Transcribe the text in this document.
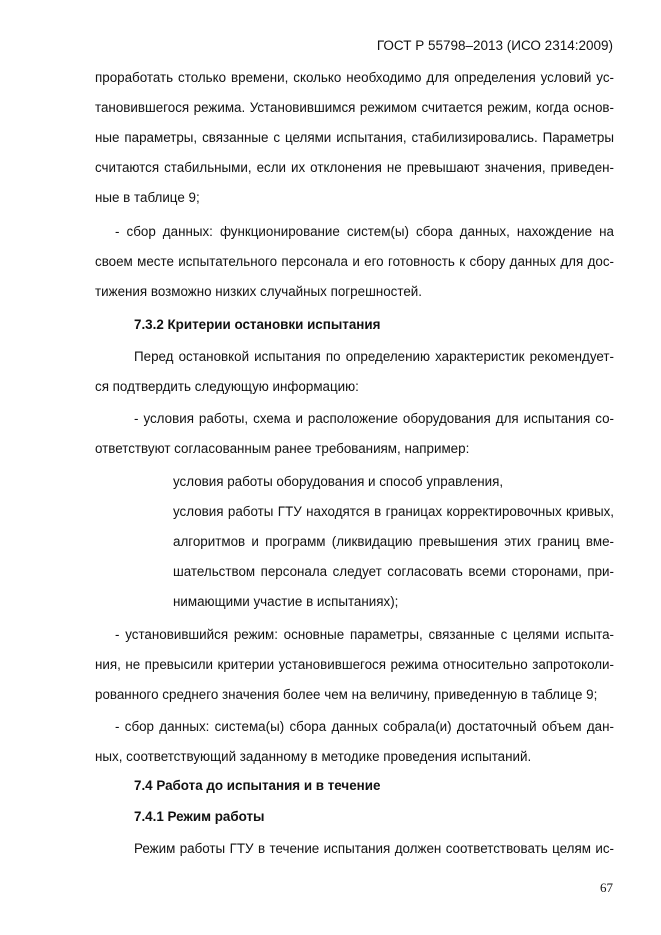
ГОСТ Р 55798–2013 (ИСО 2314:2009)
проработать столько времени, сколько необходимо для определения условий ус-
тановившегося режима. Установившимся режимом считается режим, когда основ-
ные параметры, связанные с целями испытания, стабилизировались. Параметры
считаются стабильными, если их отклонения не превышают значения, приведен-
ные в таблице 9;
- сбор данных: функционирование систем(ы) сбора данных, нахождение на
своем месте испытательного персонала и его готовность к сбору данных для дос-
тижения возможно низких случайных погрешностей.
7.3.2 Критерии остановки испытания
Перед остановкой испытания по определению характеристик рекомендует-
ся подтвердить следующую информацию:
- условия работы, схема и расположение оборудования для испытания со-
ответствуют согласованным ранее требованиям, например:
условия работы оборудования и способ управления,
условия работы ГТУ находятся в границах корректировочных кривых,
алгоритмов и программ (ликвидацию превышения этих границ вме-
шательством персонала следует согласовать всеми сторонами, при-
нимающими участие в испытаниях);
- установившийся режим: основные параметры, связанные с целями испыта-
ния, не превысили критерии установившегося режима относительно запротоколи-
рованного среднего значения более чем на величину, приведенную в таблице 9;
- сбор данных: система(ы) сбора данных собрала(и) достаточный объем дан-
ных, соответствующий заданному в методике проведения испытаний.
7.4 Работа до испытания и в течение
7.4.1 Режим работы
Режим работы ГТУ в течение испытания должен соответствовать целям ис-
67
